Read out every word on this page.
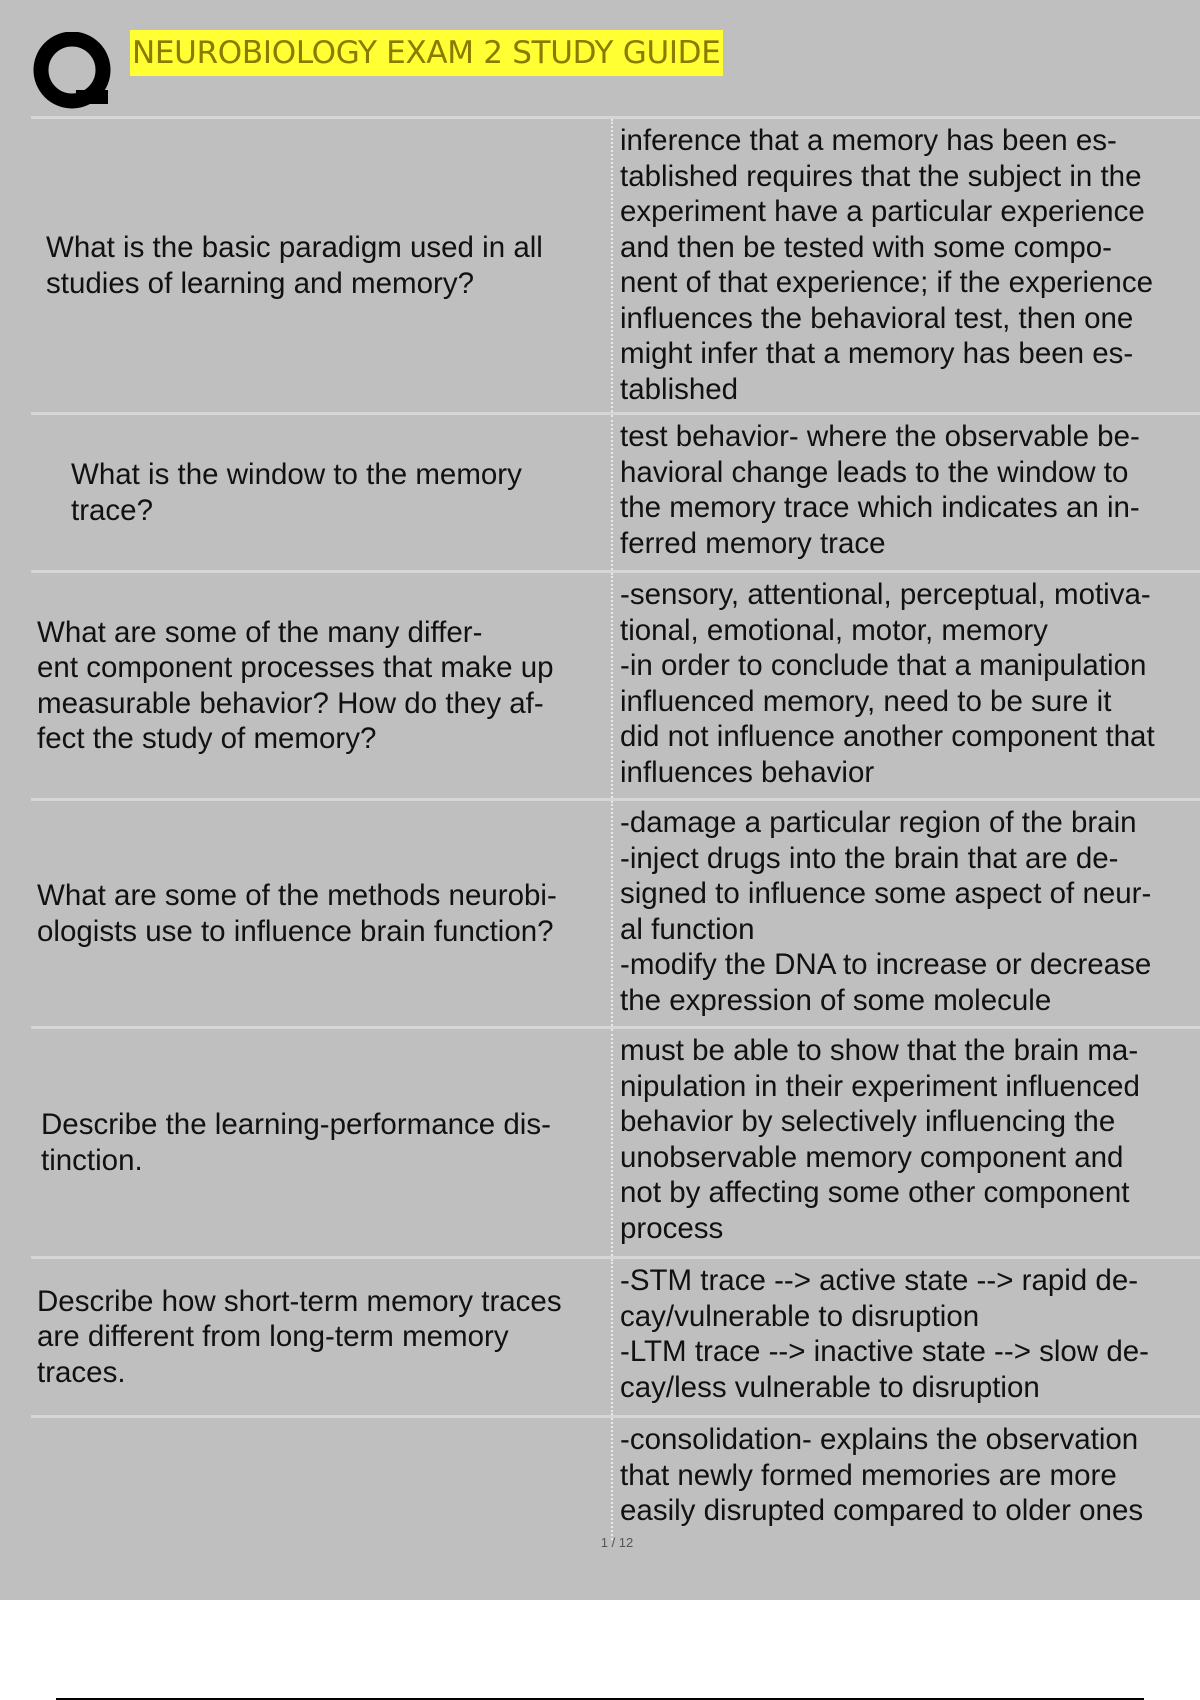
NEUROBIOLOGY EXAM 2 STUDY GUIDE
What is the basic paradigm used in all
studies of learning and memory?
inference that a memory has been es-
tablished requires that the subject in the
experiment have a particular experience
and then be tested with some compo-
nent of that experience; if the experience
influences the behavioral test, then one
might infer that a memory has been es-
tablished
What is the window to the memory
trace?
test behavior- where the observable be-
havioral change leads to the window to
the memory trace which indicates an in-
ferred memory trace
What are some of the many differ-
ent component processes that make up
measurable behavior? How do they af-
fect the study of memory?
-sensory, attentional, perceptual, motiva-
tional, emotional, motor, memory
-in order to conclude that a manipulation
influenced memory, need to be sure it
did not influence another component that
influences behavior
What are some of the methods neurobi-
ologists use to influence brain function?
-damage a particular region of the brain
-inject drugs into the brain that are de-
signed to influence some aspect of neur-
al function
-modify the DNA to increase or decrease
the expression of some molecule
Describe the learning-performance dis-
tinction.
must be able to show that the brain ma-
nipulation in their experiment influenced
behavior by selectively influencing the
unobservable memory component and
not by affecting some other component
process
Describe how short-term memory traces
are different from long-term memory
traces.
-STM trace --> active state --> rapid de-
cay/vulnerable to disruption
-LTM trace --> inactive state --> slow de-
cay/less vulnerable to disruption
-consolidation- explains the observation
that newly formed memories are more
easily disrupted compared to older ones
1 / 12
